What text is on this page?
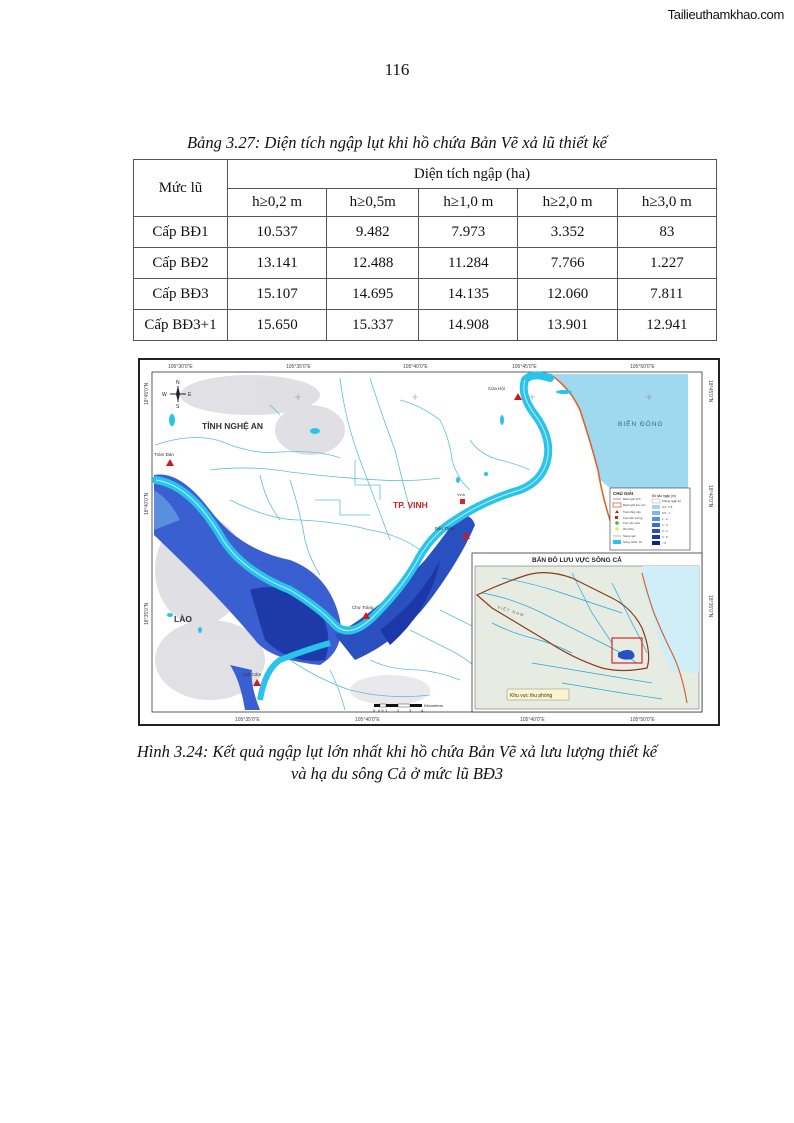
Tailieuthamkhao.com
116
Bảng 3.27: Diện tích ngập lụt khi hồ chứa Bản Vẽ xả lũ thiết kế
Mức lũ	Diện tích ngập (ha)				
	h≥0,2 m	h≥0,5m	h≥1,0 m	h≥2,0 m	h≥3,0 m
Cấp BĐ1	10.537	9.482	7.973	3.352	83
Cấp BĐ2	13.141	12.488	11.284	7.766	1.227
Cấp BĐ3	15.107	14.695	14.135	12.060	7.811
Cấp BĐ3+1	15.650	15.337	14.908	13.901	12.941
105°30'0"E	105°35'0"E	105°40'0"E	105°45'0"E	105°50'0"E
105°35'0"E	105°40'0"E	105°40'0"E	105°50'0"E
18°45'0"N
18°40'0"N
18°35'0"N
18°45'0"N
18°40'0"N
18°35'0"N
BIỂN ĐÔNG
N
S
E
W
TỈNH NGHỆ AN
LÀO
TP. VINH
Vinh
Cửa Hội
Bến Thủy
Chợ Tràng
Linh Cảm
Tràm Đàn
0 0.5 1 2 3 4
Kilometers
CHÚ GIẢI	Độ sâu ngập (m)
Ranh giới tỉnh
Ranh giới lưu vực
Trạm thủy văn
Trạm khí tượng
Trạm đo mưa
Hồ chứa
Sông ngòi
Sông, kênh, hồ
Không ngập lụt
0.2 - 0.5
0.5 - 1
1 - 2
2 - 3
3 - 4
4 - 5
> 5
BẢN ĐỒ LƯU VỰC SÔNG CẢ
VIỆT NAM
Khu vực thu phóng
Hình 3.24: Kết quả ngập lụt lớn nhất khi hồ chứa Bản Vẽ xả lưu lượng thiết kế
và hạ du sông Cả ở mức lũ BĐ3
